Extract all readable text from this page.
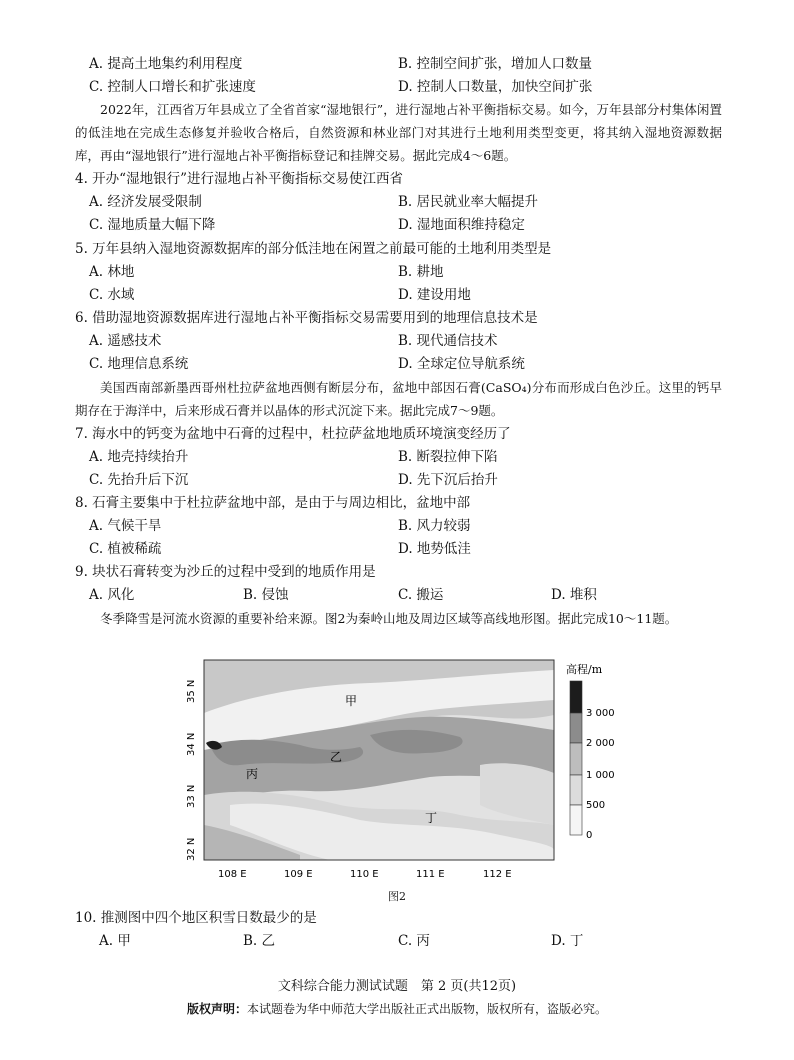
A. 提高土地集约利用程度	B. 控制空间扩张，增加人口数量
C. 控制人口增长和扩张速度	D. 控制人口数量，加快空间扩张
2022年，江西省万年县成立了全省首家“湿地银行”，进行湿地占补平衡指标交易。如今，万年县部分村集体闲置的低洼地在完成生态修复并验收合格后，自然资源和林业部门对其进行土地利用类型变更，将其纳入湿地资源数据库，再由“湿地银行”进行湿地占补平衡指标登记和挂牌交易。据此完成4～6题。
4. 开办“湿地银行”进行湿地占补平衡指标交易使江西省
A. 经济发展受限制	B. 居民就业率大幅提升
C. 湿地质量大幅下降	D. 湿地面积维持稳定
5. 万年县纳入湿地资源数据库的部分低洼地在闲置之前最可能的土地利用类型是
A. 林地	B. 耕地
C. 水域	D. 建设用地
6. 借助湿地资源数据库进行湿地占补平衡指标交易需要用到的地理信息技术是
A. 遥感技术	B. 现代通信技术
C. 地理信息系统	D. 全球定位导航系统
美国西南部新墨西哥州杜拉萨盆地西侧有断层分布，盆地中部因石膏(CaSO₄)分布而形成白色沙丘。这里的钙早期存在于海洋中，后来形成石膏并以晶体的形式沉淀下来。据此完成7～9题。
7. 海水中的钙变为盆地中石膏的过程中，杜拉萨盆地地质环境演变经历了
A. 地壳持续抬升	B. 断裂拉伸下陷
C. 先抬升后下沉	D. 先下沉后抬升
8. 石膏主要集中于杜拉萨盆地中部，是由于与周边相比，盆地中部
A. 气候干旱	B. 风力较弱
C. 植被稀疏	D. 地势低洼
9. 块状石膏转变为沙丘的过程中受到的地质作用是
A. 风化	B. 侵蚀	C. 搬运	D. 堆积
冬季降雪是河流水资源的重要补给来源。图2为秦岭山地及周边区域等高线地形图。据此完成10～11题。
甲
乙
丙
丁
35 N
34 N
33 N
32 N
108 E	109 E	110 E	111 E	112 E
高程/m
3 000
2 000
1 000
500
0
图2
10. 推测图中四个地区积雪日数最少的是
A. 甲	B. 乙	C. 丙	D. 丁
文科综合能力测试试题　第 2 页(共12页)
版权声明：本试题卷为华中师范大学出版社正式出版物，版权所有，盗版必究。
